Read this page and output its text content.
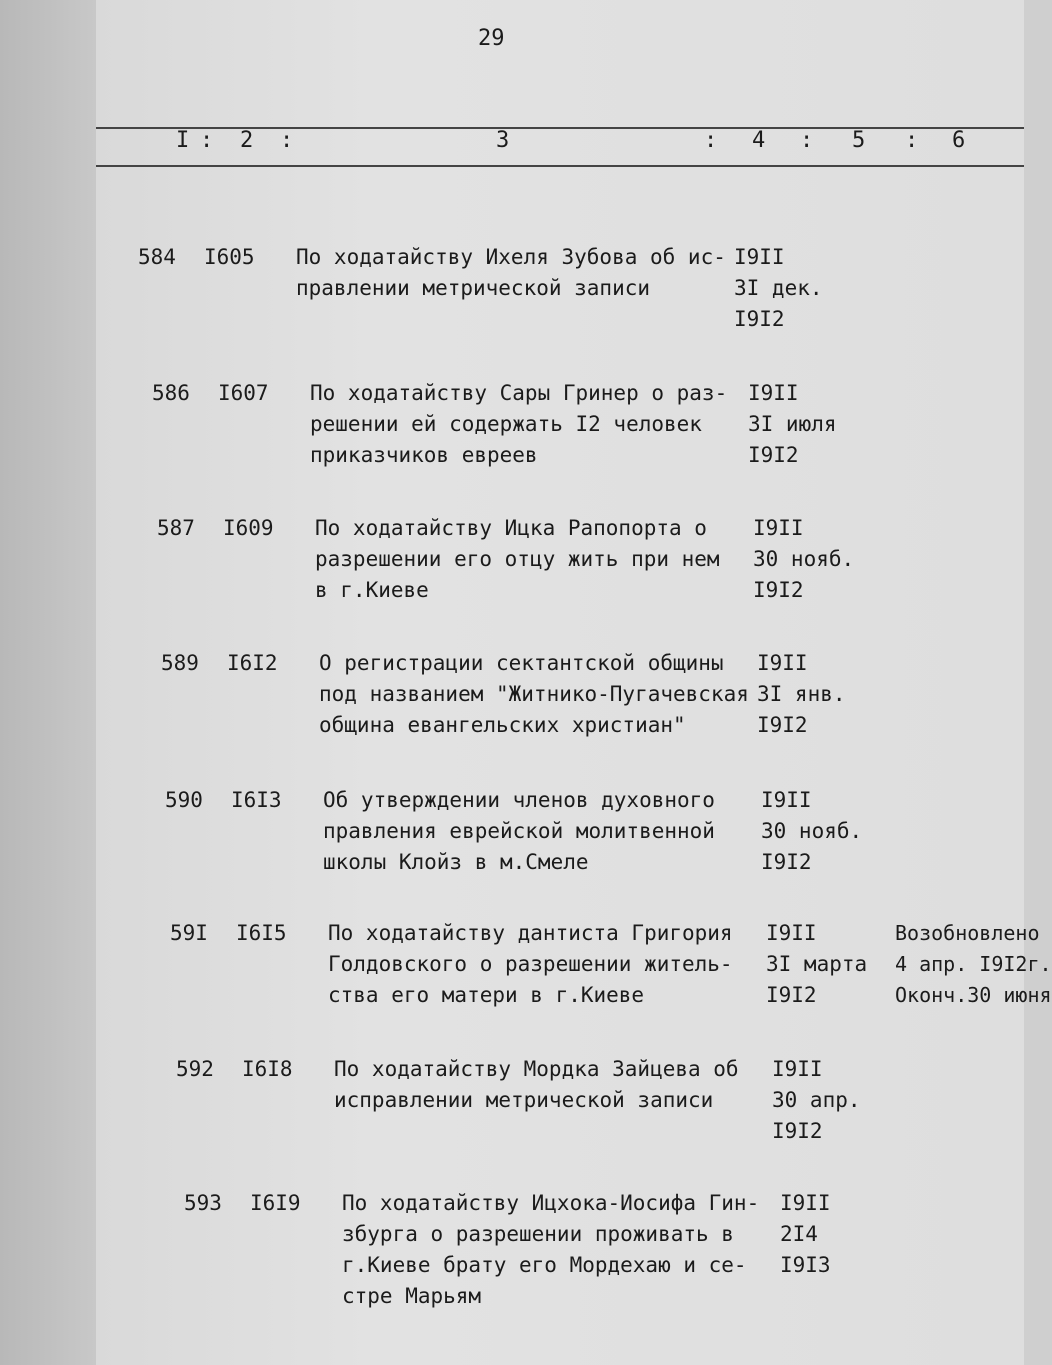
29
I : 2 :	3	: 4 : 5 : 6
584 I605 По ходатайству Ихеля Зубова об ис-
правлении метрической записи
I9II
3I дек.
I9I2
586 I607 По ходатайству Сары Гринер о раз-
решении ей содержать I2 человек
приказчиков евреев
I9II
3I июля
I9I2
587 I609 По ходатайству Ицка Рапопорта о
разрешении его отцу жить при нем
в г.Киеве
I9II
30 нояб.
I9I2
589 I6I2 О регистрации сектантской общины
под названием "Житнико-Пугачевская
община евангельских христиан"
I9II
3I янв.
I9I2
590 I6I3 Об утверждении членов духовного
правления еврейской молитвенной
школы Клойз в м.Смеле
I9II
30 нояб.
I9I2
59I I6I5 По ходатайству дантиста Григория
Голдовского о разрешении житель-
ства его матери в г.Киеве
I9II
3I марта
I9I2
Возобновлено
4 апр. I9I2г.
Оконч.30 июня
592 I6I8 По ходатайству Мордка Зайцева об
исправлении метрической записи
I9II
30 апр.
I9I2
593 I6I9 По ходатайству Ицхока-Иосифа Гин-
збурга о разрешении проживать в
г.Киеве брату его Мордехаю и се-
стре Марьям
I9II
2I4
I9I3
